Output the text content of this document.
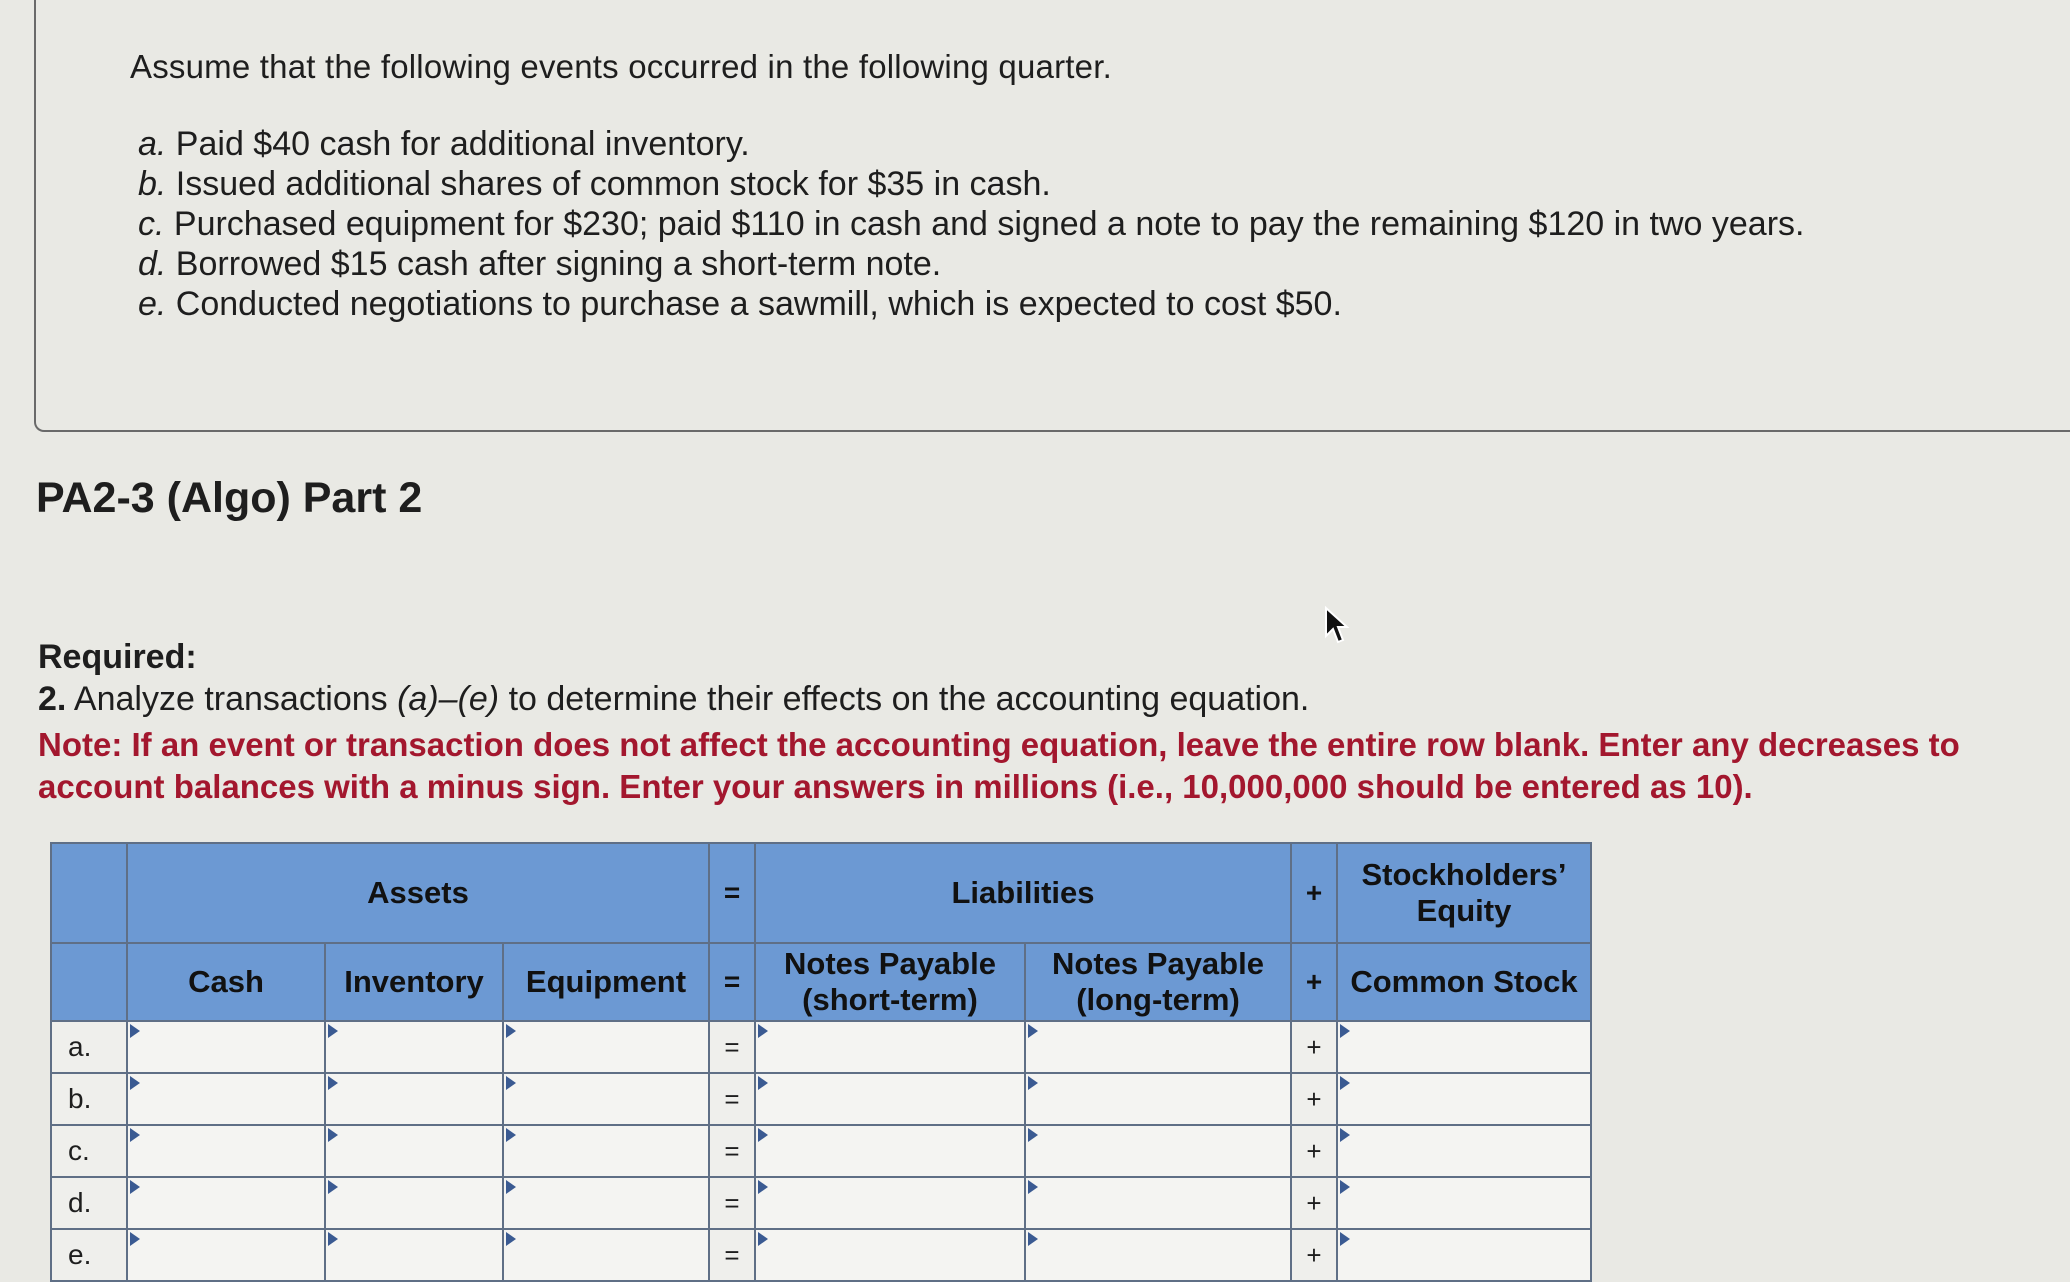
Assume that the following events occurred in the following quarter.
a. Paid $40 cash for additional inventory.
b. Issued additional shares of common stock for $35 in cash.
c. Purchased equipment for $230; paid $110 in cash and signed a note to pay the remaining $120 in two years.
d. Borrowed $15 cash after signing a short-term note.
e. Conducted negotiations to purchase a sawmill, which is expected to cost $50.
PA2-3 (Algo) Part 2
Required:
2. Analyze transactions (a)–(e) to determine their effects on the accounting equation.
Note: If an event or transaction does not affect the accounting equation, leave the entire row blank. Enter any decreases to account balances with a minus sign. Enter your answers in millions (i.e., 10,000,000 should be entered as 10).
	Assets			=	Liabilities		+	Stockholders’ Equity
	Cash	Inventory	Equipment	=	Notes Payable (short-term)	Notes Payable (long-term)	+	Common Stock
a.				=			+	
b.				=			+	
c.				=			+	
d.				=			+	
e.				=			+	
